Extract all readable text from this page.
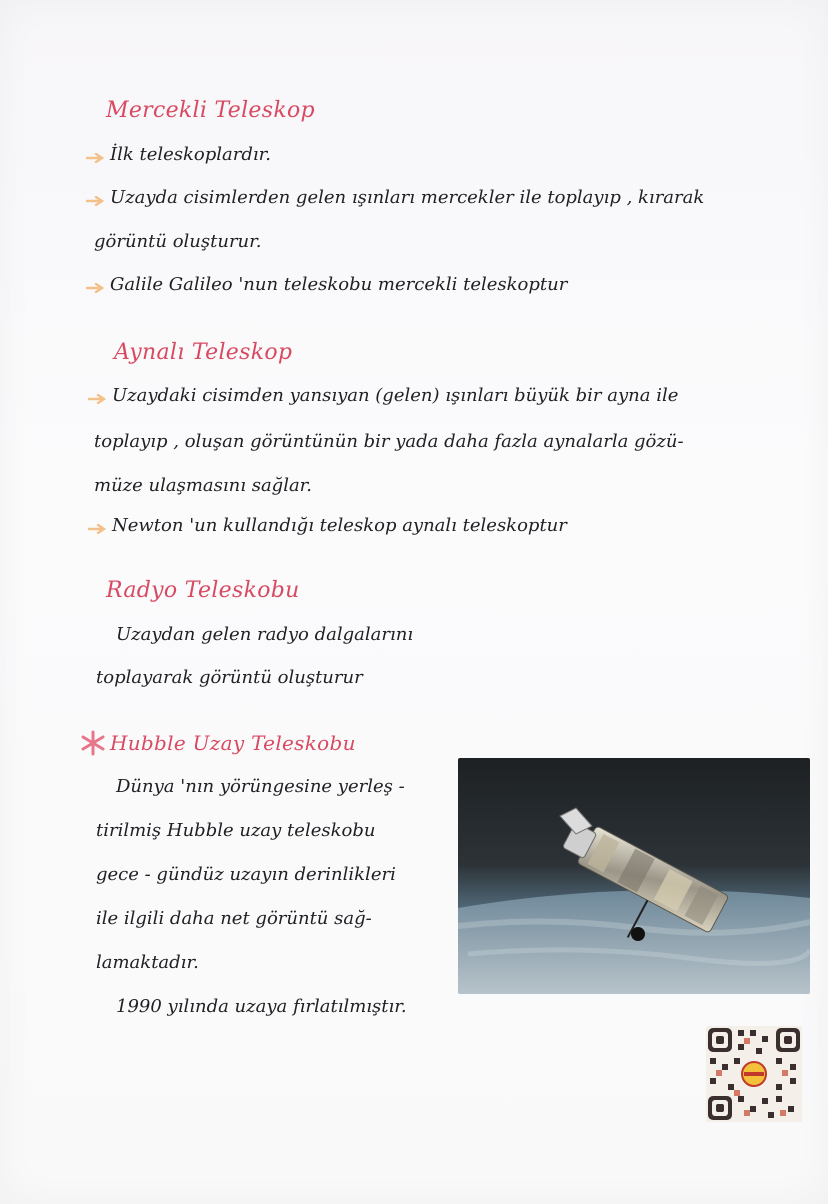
Mercekli Teleskop
İlk teleskoplardır.
Uzayda cisimlerden gelen ışınları mercekler ile toplayıp , kırarak
görüntü oluşturur.
Galile Galileo 'nun teleskobu mercekli teleskoptur
Aynalı Teleskop
Uzaydaki cisimden yansıyan (gelen) ışınları büyük bir ayna ile
toplayıp , oluşan görüntünün bir yada daha fazla aynalarla gözü-
müze ulaşmasını sağlar.
Newton 'un kullandığı teleskop aynalı teleskoptur
Radyo Teleskobu
Uzaydan gelen radyo dalgalarını
toplayarak görüntü oluşturur
Hubble Uzay Teleskobu
Dünya 'nın yörüngesine yerleş -
tirilmiş Hubble uzay teleskobu
gece - gündüz uzayın derinlikleri
ile ilgili daha net görüntü sağ-
lamaktadır.
1990 yılında uzaya fırlatılmıştır.
